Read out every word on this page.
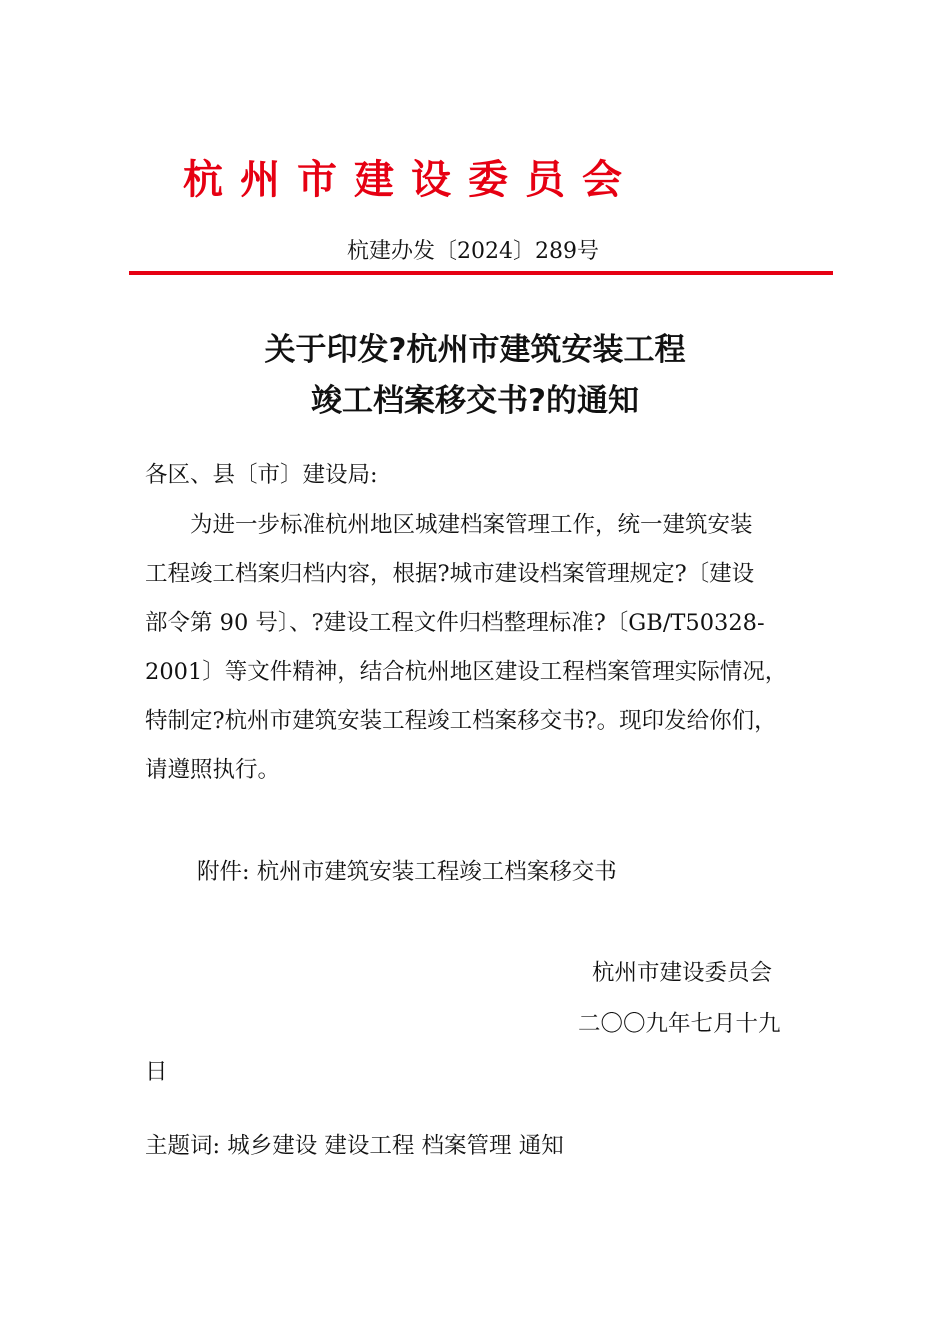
杭州市建设委员会
杭建办发〔2024〕289号
关于印发?杭州市建筑安装工程
竣工档案移交书?的通知
各区、县〔市〕建设局:
为进一步标准杭州地区城建档案管理工作，统一建筑安装
工程竣工档案归档内容，根据?城市建设档案管理规定?〔建设
部令第 90 号〕、?建设工程文件归档整理标准?〔GB/T50328-
2001〕等文件精神，结合杭州地区建设工程档案管理实际情况，
特制定?杭州市建筑安装工程竣工档案移交书?。现印发给你们，
请遵照执行。
附件: 杭州市建筑安装工程竣工档案移交书
杭州市建设委员会
二〇〇九年七月十九
日
主题词: 城乡建设 建设工程 档案管理 通知
